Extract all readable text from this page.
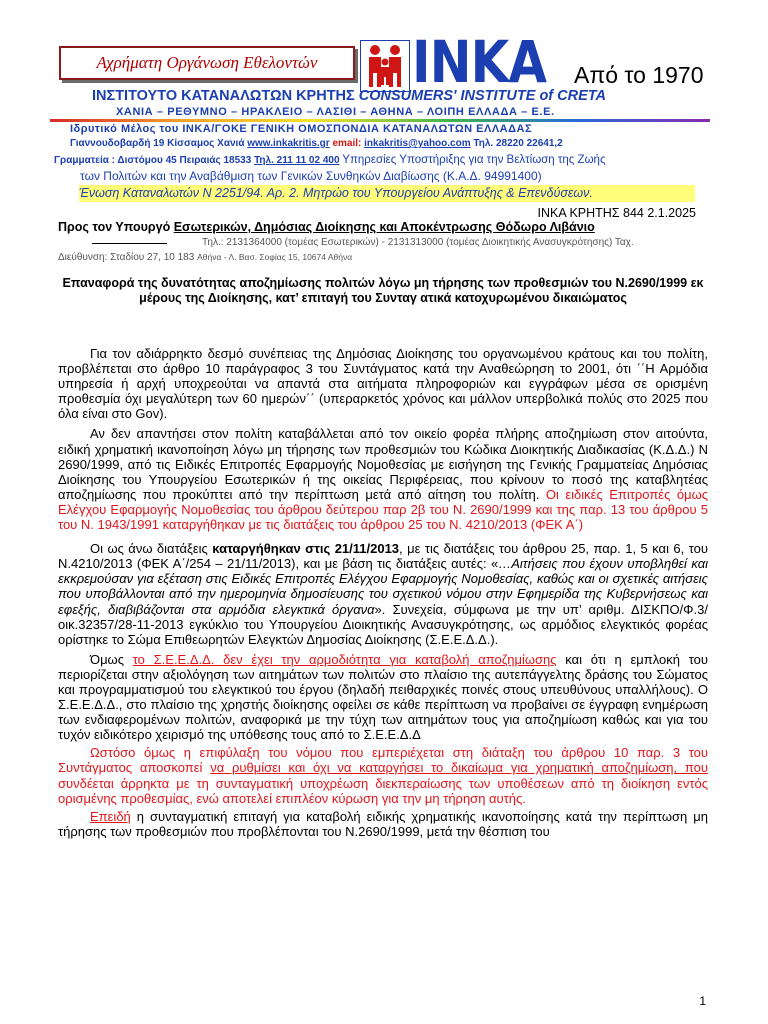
Αχρήματη Οργάνωση Εθελοντών INKA Από το 1970
ΙΝΣΤΙΤΟΥΤΟ ΚΑΤΑΝΑΛΩΤΩΝ ΚΡΗΤΗΣ CONSUMERS' INSTITUTE of CRETA
ΧΑΝΙΑ – ΡΕΘΥΜΝΟ – ΗΡΑΚΛΕΙΟ – ΛΑΣΙΘΙ – ΑΘΗΝΑ – ΛΟΙΠΗ ΕΛΛΑΔΑ – Ε.Ε.
Ιδρυτικό Μέλος του ΙΝΚΑ/ΓΟΚΕ ΓΕΝΙΚΗ ΟΜΟΣΠΟΝΔΙΑ ΚΑΤΑΝΑΛΩΤΩΝ ΕΛΛΑΔΑΣ
Γιαννουδοβαρδή 19 Κίσσαμος Χανιά www.inkakritis.gr email: inkakritis@yahoo.com Τηλ. 28220 22641,2
Γραμματεία : Διστόμου 45 Πειραιάς 18533 Τηλ. 211 11 02 400 Υπηρεσίες Υποστήριξης για την Βελτίωση της Ζωής
των Πολιτών και την Αναβάθμιση των Γενικών Συνθηκών Διαβίωσης (Κ.Α.Δ. 94991400)
Ένωση Καταναλωτών Ν 2251/94. Αρ. 2. Μητρώο του Υπουργείου Ανάπτυξης & Επενδύσεων.
ΙΝΚΑ ΚΡΗΤΗΣ 844 2.1.2025
Προς τον Υπουργό Εσωτερικών, Δημόσιας Διοίκησης και Αποκέντρωσης Θόδωρο Λιβάνιο
Τηλ.: 2131364000 (τομέας Εσωτερικών) - 2131313000 (τομέας Διοικητικής Ανασυγκρότησης) Ταχ.
Διεύθυνση: Σταδίου 27, 10 183 Αθήνα - Λ. Βασ. Σοφίας 15, 10674 Αθήνα
Επαναφορά της δυνατότητας αποζημίωσης πολιτών λόγω μη τήρησης των προθεσμιών του Ν.2690/1999 εκ μέρους της Διοίκησης, κατ’ επιταγή του Συνταγ ατικά κατοχυρωμένου δικαιώματος

Για τον αδιάρρηκτο δεσμό συνέπειας της Δημόσιας Διοίκησης του οργανωμένου κράτους και του πολίτη, προβλέπεται στο άρθρο 10 παράγραφος 3 του Συντάγματος κατά την Αναθεώρηση το 2001, ότι ΄΄Η Αρμόδια υπηρεσία ή αρχή υποχρεούται να απαντά στα αιτήματα πληροφοριών και εγγράφων μέσα σε ορισμένη προθεσμία όχι μεγαλύτερη των 60 ημερών΄΄ (υπεραρκετός χρόνος και μάλλον υπερβολικά πολύς στο 2025 που όλα είναι στο Gov).

Αν δεν απαντήσει στον πολίτη καταβάλλεται από τον οικείο φορέα πλήρης αποζημίωση στον αιτούντα, ειδική χρηματική ικανοποίηση λόγω μη τήρησης των προθεσμιών του Κώδικα Διοικητικής Διαδικασίας (Κ.Δ.Δ.) Ν 2690/1999, από τις Ειδικές Επιτροπές Εφαρμογής Νομοθεσίας με εισήγηση της Γενικής Γραμματείας Δημόσιας Διοίκησης του Υπουργείου Εσωτερικών ή της οικείας Περιφέρειας, που κρίνουν το ποσό της καταβλητέας αποζημίωσης που προκύπτει από την περίπτωση μετά από αίτηση του πολίτη. Οι ειδικές Επιτροπές όμως Ελέγχου Εφαρμογής Νομοθεσίας του άρθρου δεύτερου παρ 2β του Ν. 2690/1999 και της παρ. 13 του άρθρου 5 του Ν. 1943/1991 καταργήθηκαν με τις διατάξεις του άρθρου 25 του Ν. 4210/2013 (ΦΕΚ Α΄)

Οι ως άνω διατάξεις καταργήθηκαν στις 21/11/2013, με τις διατάξεις του άρθρου 25, παρ. 1, 5 και 6, του Ν.4210/2013 (ΦΕΚ Α΄/254 – 21/11/2013), και με βάση τις διατάξεις αυτές: «…Αιτήσεις που έχουν υποβληθεί και εκκρεμούσαν για εξέταση στις Ειδικές Επιτροπές Ελέγχου Εφαρμογής Νομοθεσίας, καθώς και οι σχετικές αιτήσεις που υποβάλλονται από την ημερομηνία δημοσίευσης του σχετικού νόμου στην Εφημερίδα της Κυβερνήσεως και εφεξής, διαβιβάζονται στα αρμόδια ελεγκτικά όργανα». Συνεχεία, σύμφωνα με την υπ’ αριθμ. ΔΙΣΚΠΟ/Φ.3/οικ.32357/28-11-2013 εγκύκλιο του Υπουργείου Διοικητικής Ανασυγκρότησης, ως αρμόδιος ελεγκτικός φορέας ορίστηκε το Σώμα Επιθεωρητών Ελεγκτών Δημοσίας Διοίκησης (Σ.Ε.Ε.Δ.Δ.).

Όμως το Σ.Ε.Ε.Δ.Δ. δεν έχει την αρμοδιότητα για καταβολή αποζημίωσης και ότι η εμπλοκή του περιορίζεται στην αξιολόγηση των αιτημάτων των πολιτών στο πλαίσιο της αυτεπάγγελτης δράσης του Σώματος και προγραμματισμού του ελεγκτικού του έργου (δηλαδή πειθαρχικές ποινές στους υπευθύνους υπαλλήλους). Ο Σ.Ε.Ε.Δ.Δ., στο πλαίσιο της χρηστής διοίκησης οφείλει σε κάθε περίπτωση να προβαίνει σε έγγραφη ενημέρωση των ενδιαφερομένων πολιτών, αναφορικά με την τύχη των αιτημάτων τους για αποζημίωση καθώς και για του τυχόν ειδικότερο χειρισμό της υπόθεσης τους από το Σ.Ε.Ε.Δ.Δ

Ωστόσο όμως η επιφύλαξη του νόμου που εμπεριέχεται στη διάταξη του άρθρου 10 παρ. 3 του Συντάγματος αποσκοπεί να ρυθμίσει και όχι να καταργήσει το δικαίωμα για χρηματική αποζημίωση, που συνδέεται άρρηκτα με τη συνταγματική υποχρέωση διεκπεραίωσης των υποθέσεων από τη διοίκηση εντός ορισμένης προθεσμίας, ενώ αποτελεί επιπλέον κύρωση για την μη τήρηση αυτής.

Επειδή η συνταγματική επιταγή για καταβολή ειδικής χρηματικής ικανοποίησης κατά την περίπτωση μη τήρησης των προθεσμιών που προβλέπονται του Ν.2690/1999, μετά την θέσπιση του

1
